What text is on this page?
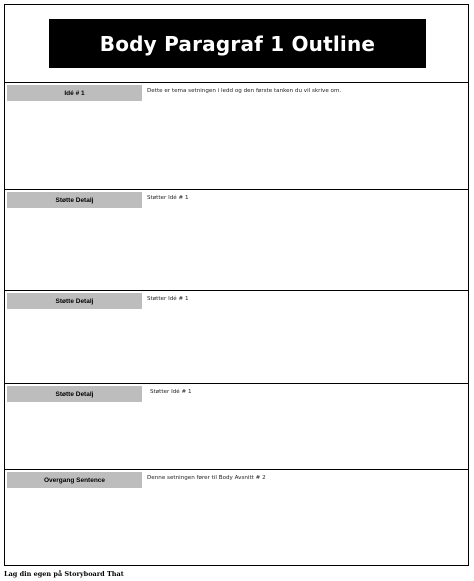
Body Paragraf 1 Outline
Idé # 1	Dette er tema setningen i ledd og den første tanken du vil skrive om.
Støtte Detalj	Støtter Idé # 1
Støtte Detalj	Støtter Idé # 1
Støtte Detalj	Støtter Idé # 1
Overgang Sentence	Denne setningen fører til Body Avsnitt # 2
Lag din egen på Storyboard That
